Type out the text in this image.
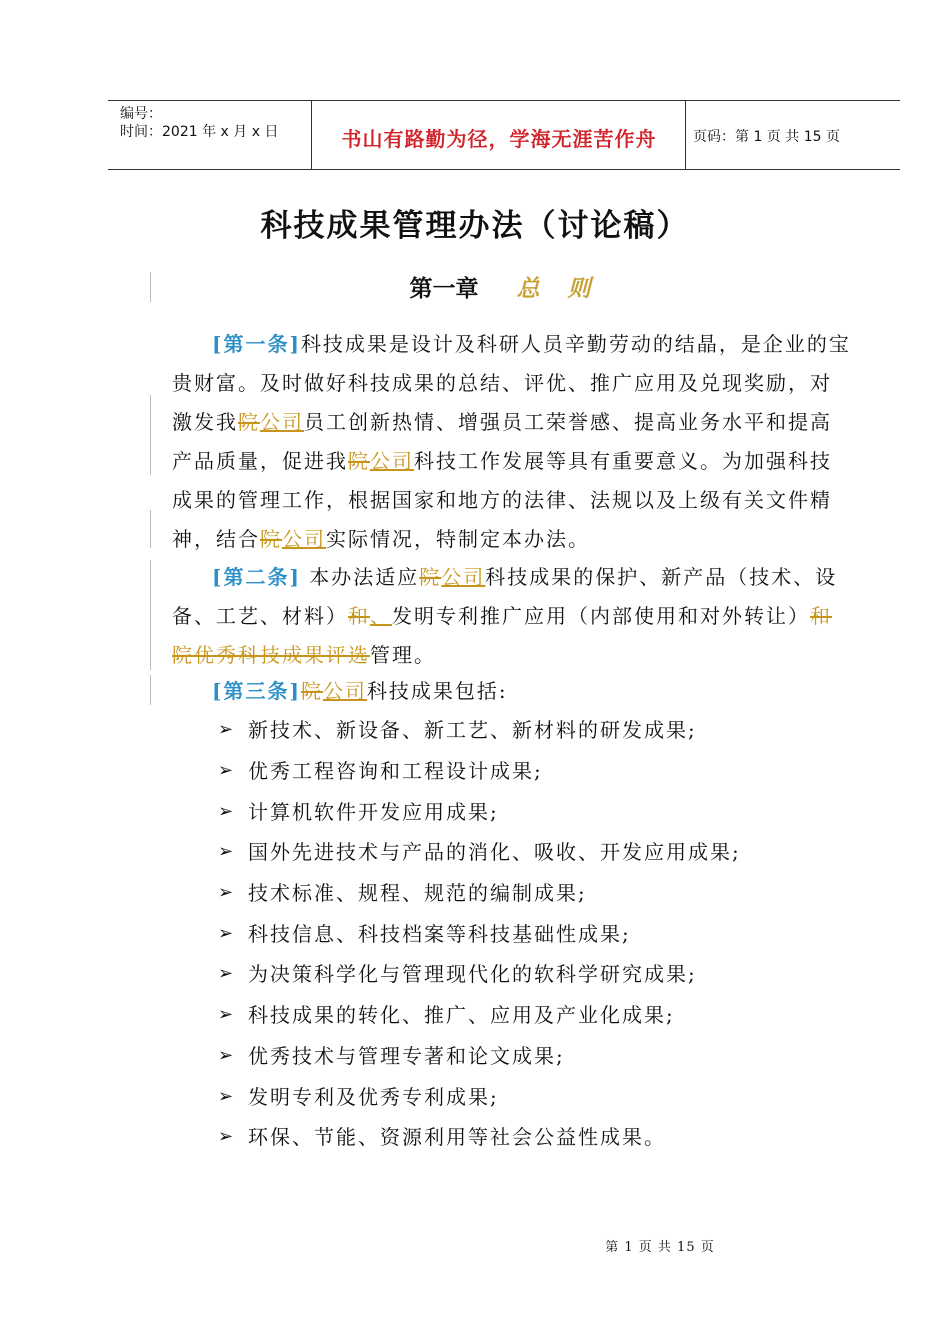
编号：
时间：2021 年 x 月 x 日	书山有路勤为径，学海无涯苦作舟	页码：第 1 页 共 15 页
科技成果管理办法（讨论稿）
第一章 总 则

[第一条]科技成果是设计及科研人员辛勤劳动的结晶，是企业的宝贵财富。及时做好科技成果的总结、评优、推广应用及兑现奖励，对激发我院公司员工创新热情、增强员工荣誉感、提高业务水平和提高产品质量，促进我院公司科技工作发展等具有重要意义。为加强科技成果的管理工作，根据国家和地方的法律、法规以及上级有关文件精神，结合院公司实际情况，特制定本办法。

[第二条] 本办法适应院公司科技成果的保护、新产品（技术、设备、工艺、材料）和、发明专利推广应用（内部使用和对外转让）和院优秀科技成果评选管理。

[第三条]院公司科技成果包括:

➢ 新技术、新设备、新工艺、新材料的研发成果;
➢ 优秀工程咨询和工程设计成果;
➢ 计算机软件开发应用成果;
➢ 国外先进技术与产品的消化、吸收、开发应用成果;
➢ 技术标准、规程、规范的编制成果;
➢ 科技信息、科技档案等科技基础性成果;
➢ 为决策科学化与管理现代化的软科学研究成果;
➢ 科技成果的转化、推广、应用及产业化成果;
➢ 优秀技术与管理专著和论文成果;
➢ 发明专利及优秀专利成果;
➢ 环保、节能、资源利用等社会公益性成果。
第 1 页 共 15 页
